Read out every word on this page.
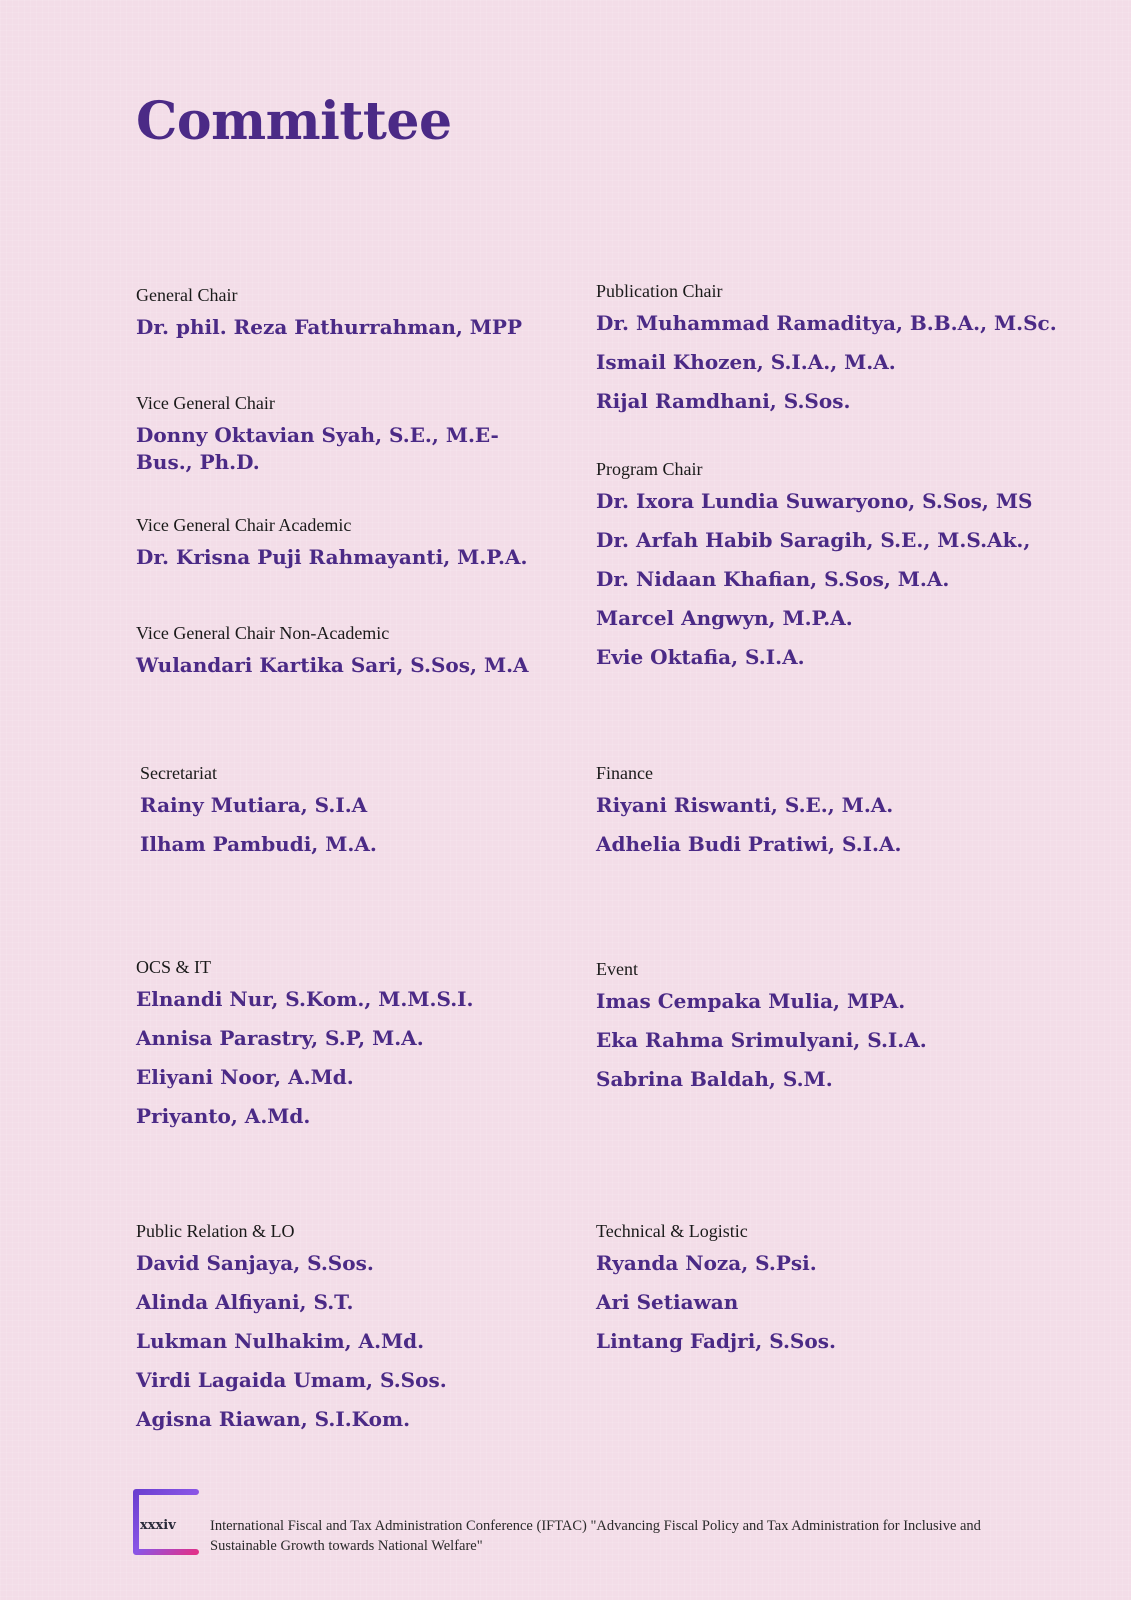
Committee
General Chair
Dr. phil. Reza Fathurrahman, MPP
Vice General Chair
Donny Oktavian Syah, S.E., M.E-Bus., Ph.D.
Vice General Chair Academic
Dr. Krisna Puji Rahmayanti, M.P.A.
Vice General Chair Non-Academic
Wulandari Kartika Sari, S.Sos, M.A
Secretariat
Rainy Mutiara, S.I.A
Ilham Pambudi, M.A.
OCS & IT
Elnandi Nur, S.Kom., M.M.S.I.
Annisa Parastry, S.P, M.A.
Eliyani Noor, A.Md.
Priyanto, A.Md.
Public Relation & LO
David Sanjaya, S.Sos.
Alinda Alfiyani, S.T.
Lukman Nulhakim, A.Md.
Virdi Lagaida Umam, S.Sos.
Agisna Riawan, S.I.Kom.
Publication Chair
Dr. Muhammad Ramaditya, B.B.A., M.Sc.
Ismail Khozen, S.I.A., M.A.
Rijal Ramdhani, S.Sos.
Program Chair
Dr. Ixora Lundia Suwaryono, S.Sos, MS
Dr. Arfah Habib Saragih, S.E., M.S.Ak.,
Dr. Nidaan Khafian, S.Sos, M.A.
Marcel Angwyn, M.P.A.
Evie Oktafia, S.I.A.
Finance
Riyani Riswanti, S.E., M.A.
Adhelia Budi Pratiwi, S.I.A.
Event
Imas Cempaka Mulia, MPA.
Eka Rahma Srimulyani, S.I.A.
Sabrina Baldah, S.M.
Technical & Logistic
Ryanda Noza, S.Psi.
Ari Setiawan
Lintang Fadjri, S.Sos.
xxxiv International Fiscal and Tax Administration Conference (IFTAC) "Advancing Fiscal Policy and Tax Administration for Inclusive and Sustainable Growth towards National Welfare"
